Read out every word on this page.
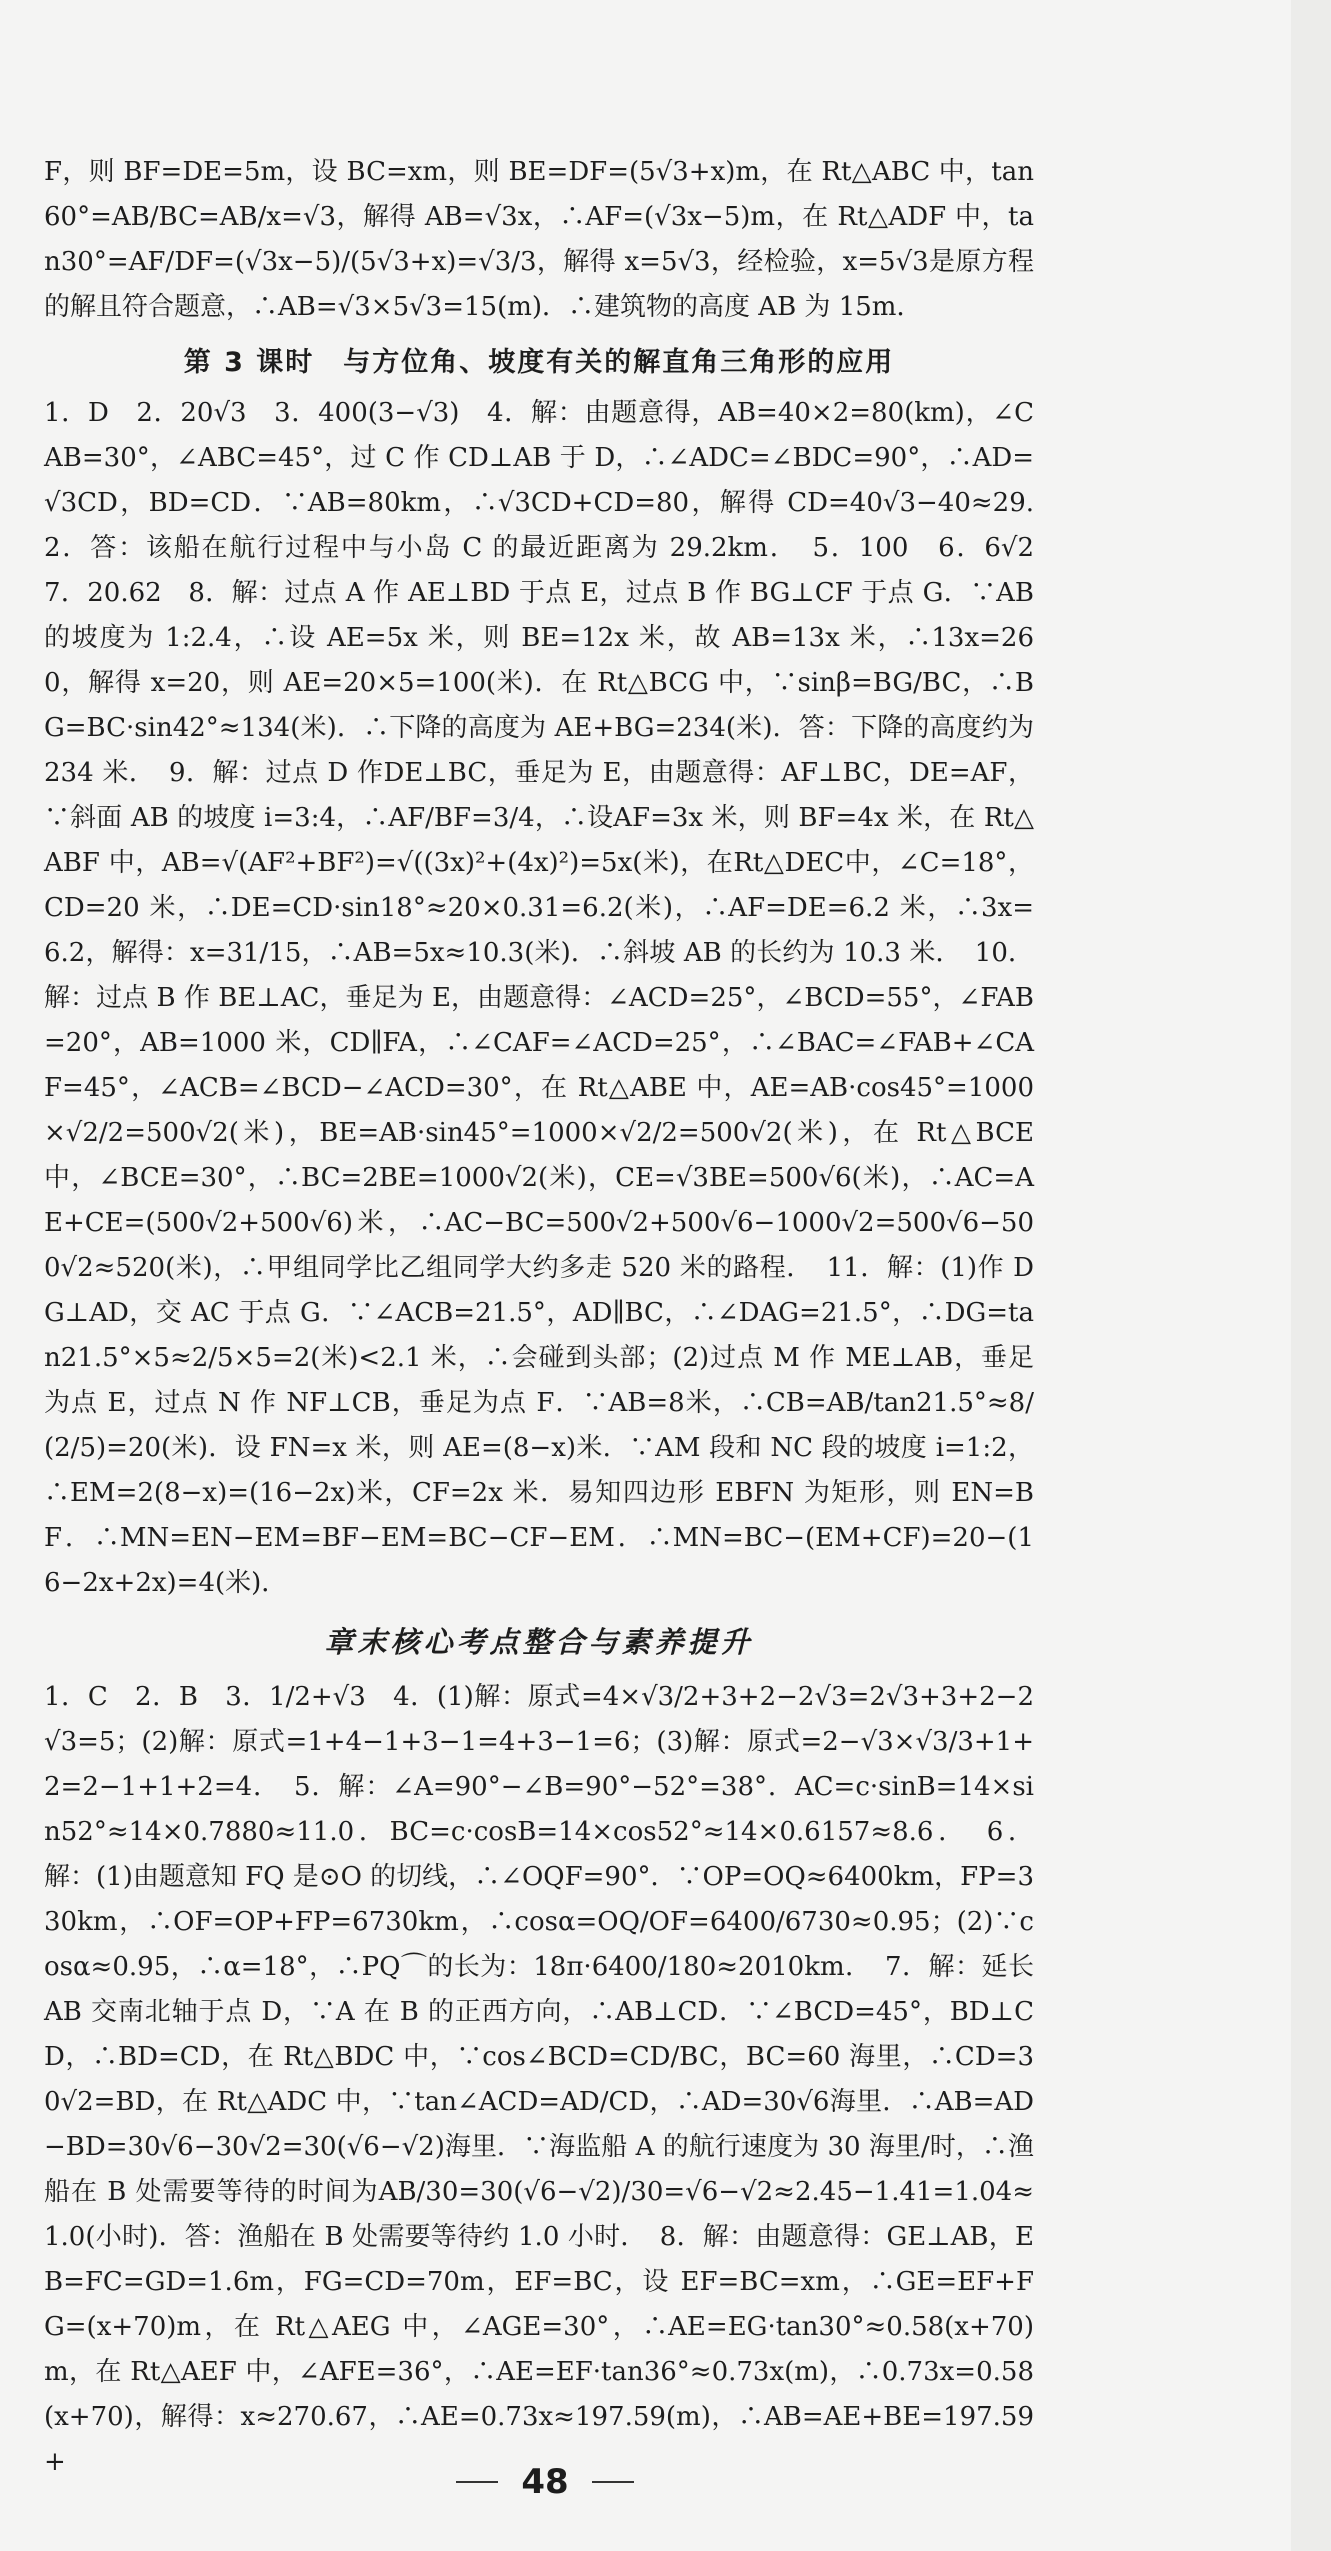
F，则 BF=DE=5m，设 BC=xm，则 BE=DF=(5√3+x)m，在 Rt△ABC 中，tan60°=AB/BC=AB/x=√3，解得 AB=√3x，∴AF=(√3x−5)m，在 Rt△ADF 中，tan30°=AF/DF=(√3x−5)/(5√3+x)=√3/3，解得 x=5√3，经检验，x=5√3是原方程的解且符合题意，∴AB=√3×5√3=15(m)．∴建筑物的高度 AB 为 15m．

第 3 课时　与方位角、坡度有关的解直角三角形的应用

1．D　2．20√3　3．400(3−√3)　4．解：由题意得，AB=40×2=80(km)，∠CAB=30°，∠ABC=45°，过 C 作 CD⊥AB 于 D，∴∠ADC=∠BDC=90°，∴AD=√3CD，BD=CD．∵AB=80km，∴√3CD+CD=80，解得 CD=40√3−40≈29.2．答：该船在航行过程中与小岛 C 的最近距离为 29.2km．　5．100　6．6√2　7．20.62　8．解：过点 A 作 AE⊥BD 于点 E，过点 B 作 BG⊥CF 于点 G．∵AB 的坡度为 1:2.4，∴设 AE=5x 米，则 BE=12x 米，故 AB=13x 米，∴13x=260，解得 x=20，则 AE=20×5=100(米)．在 Rt△BCG 中，∵sinβ=BG/BC，∴BG=BC·sin42°≈134(米)．∴下降的高度为 AE+BG=234(米)．答：下降的高度约为 234 米．　9．解：过点 D 作DE⊥BC，垂足为 E，由题意得：AF⊥BC，DE=AF，∵斜面 AB 的坡度 i=3:4，∴AF/BF=3/4，∴设AF=3x 米，则 BF=4x 米，在 Rt△ABF 中，AB=√(AF²+BF²)=√((3x)²+(4x)²)=5x(米)，在Rt△DEC中，∠C=18°，CD=20 米，∴DE=CD·sin18°≈20×0.31=6.2(米)，∴AF=DE=6.2 米，∴3x=6.2，解得：x=31/15，∴AB=5x≈10.3(米)．∴斜坡 AB 的长约为 10.3 米．　10．解：过点 B 作 BE⊥AC，垂足为 E，由题意得：∠ACD=25°，∠BCD=55°，∠FAB=20°，AB=1000 米，CD∥FA，∴∠CAF=∠ACD=25°，∴∠BAC=∠FAB+∠CAF=45°，∠ACB=∠BCD−∠ACD=30°，在 Rt△ABE 中，AE=AB·cos45°=1000×√2/2=500√2(米)，BE=AB·sin45°=1000×√2/2=500√2(米)，在 Rt△BCE 中，∠BCE=30°，∴BC=2BE=1000√2(米)，CE=√3BE=500√6(米)，∴AC=AE+CE=(500√2+500√6)米，∴AC−BC=500√2+500√6−1000√2=500√6−500√2≈520(米)，∴甲组同学比乙组同学大约多走 520 米的路程．　11．解：(1)作 DG⊥AD，交 AC 于点 G．∵∠ACB=21.5°，AD∥BC，∴∠DAG=21.5°，∴DG=tan21.5°×5≈2/5×5=2(米)<2.1 米，∴会碰到头部；(2)过点 M 作 ME⊥AB，垂足为点 E，过点 N 作 NF⊥CB，垂足为点 F．∵AB=8米，∴CB=AB/tan21.5°≈8/(2/5)=20(米)．设 FN=x 米，则 AE=(8−x)米．∵AM 段和 NC 段的坡度 i=1:2，∴EM=2(8−x)=(16−2x)米，CF=2x 米．易知四边形 EBFN 为矩形，则 EN=BF．∴MN=EN−EM=BF−EM=BC−CF−EM．∴MN=BC−(EM+CF)=20−(16−2x+2x)=4(米)．

章末核心考点整合与素养提升

1．C　2．B　3．1/2+√3　4．(1)解：原式=4×√3/2+3+2−2√3=2√3+3+2−2√3=5；(2)解：原式=1+4−1+3−1=4+3−1=6；(3)解：原式=2−√3×√3/3+1+2=2−1+1+2=4．　5．解：∠A=90°−∠B=90°−52°=38°．AC=c·sinB=14×sin52°≈14×0.7880≈11.0．BC=c·cosB=14×cos52°≈14×0.6157≈8.6．　6．解：(1)由题意知 FQ 是⊙O 的切线，∴∠OQF=90°．∵OP=OQ≈6400km，FP=330km，∴OF=OP+FP=6730km，∴cosα=OQ/OF=6400/6730≈0.95；(2)∵cosα≈0.95，∴α=18°，∴PQ⌒的长为：18π·6400/180≈2010km．　7．解：延长 AB 交南北轴于点 D，∵A 在 B 的正西方向，∴AB⊥CD．∵∠BCD=45°，BD⊥CD，∴BD=CD，在 Rt△BDC 中，∵cos∠BCD=CD/BC，BC=60 海里，∴CD=30√2=BD，在 Rt△ADC 中，∵tan∠ACD=AD/CD，∴AD=30√6海里．∴AB=AD−BD=30√6−30√2=30(√6−√2)海里．∵海监船 A 的航行速度为 30 海里/时，∴渔船在 B 处需要等待的时间为AB/30=30(√6−√2)/30=√6−√2≈2.45−1.41=1.04≈1.0(小时)．答：渔船在 B 处需要等待约 1.0 小时．　8．解：由题意得：GE⊥AB，EB=FC=GD=1.6m，FG=CD=70m，EF=BC，设 EF=BC=xm，∴GE=EF+FG=(x+70)m，在 Rt△AEG 中，∠AGE=30°，∴AE=EG·tan30°≈0.58(x+70)m，在 Rt△AEF 中，∠AFE=36°，∴AE=EF·tan36°≈0.73x(m)，∴0.73x=0.58(x+70)，解得：x≈270.67，∴AE=0.73x≈197.59(m)，∴AB=AE+BE=197.59+	48
